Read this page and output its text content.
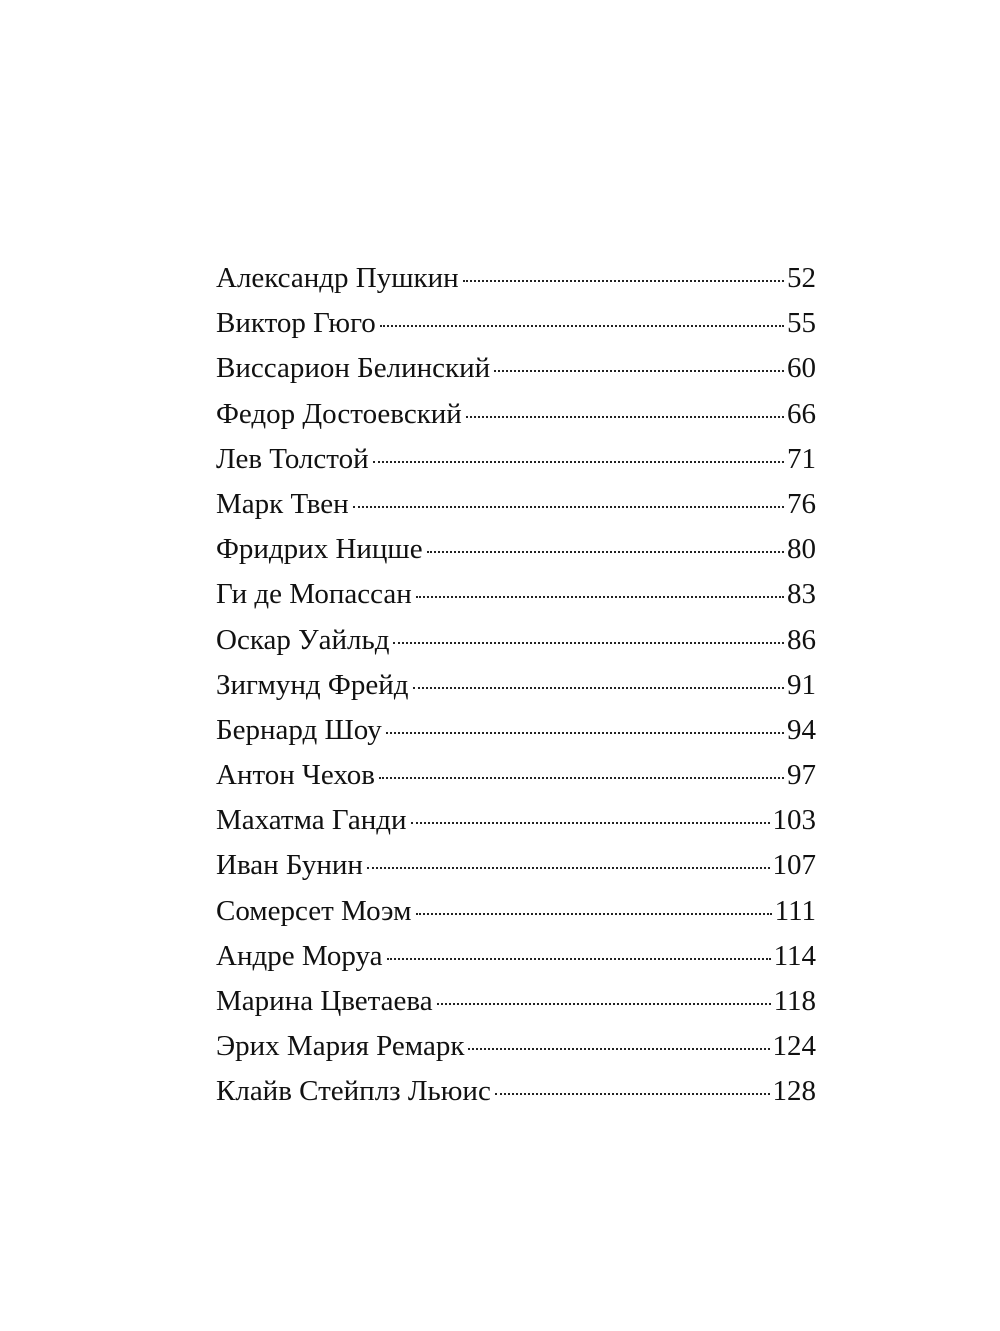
Александр Пушкин	52
Виктор Гюго	55
Виссарион Белинский	60
Федор Достоевский	66
Лев Толстой	71
Марк Твен	76
Фридрих Ницше	80
Ги де Мопассан	83
Оскар Уайльд	86
Зигмунд Фрейд	91
Бернард Шоу	94
Антон Чехов	97
Махатма Ганди	103
Иван Бунин	107
Сомерсет Моэм	111
Андре Моруа	114
Марина Цветаева	118
Эрих Мария Ремарк	124
Клайв Стейплз Льюис	128
